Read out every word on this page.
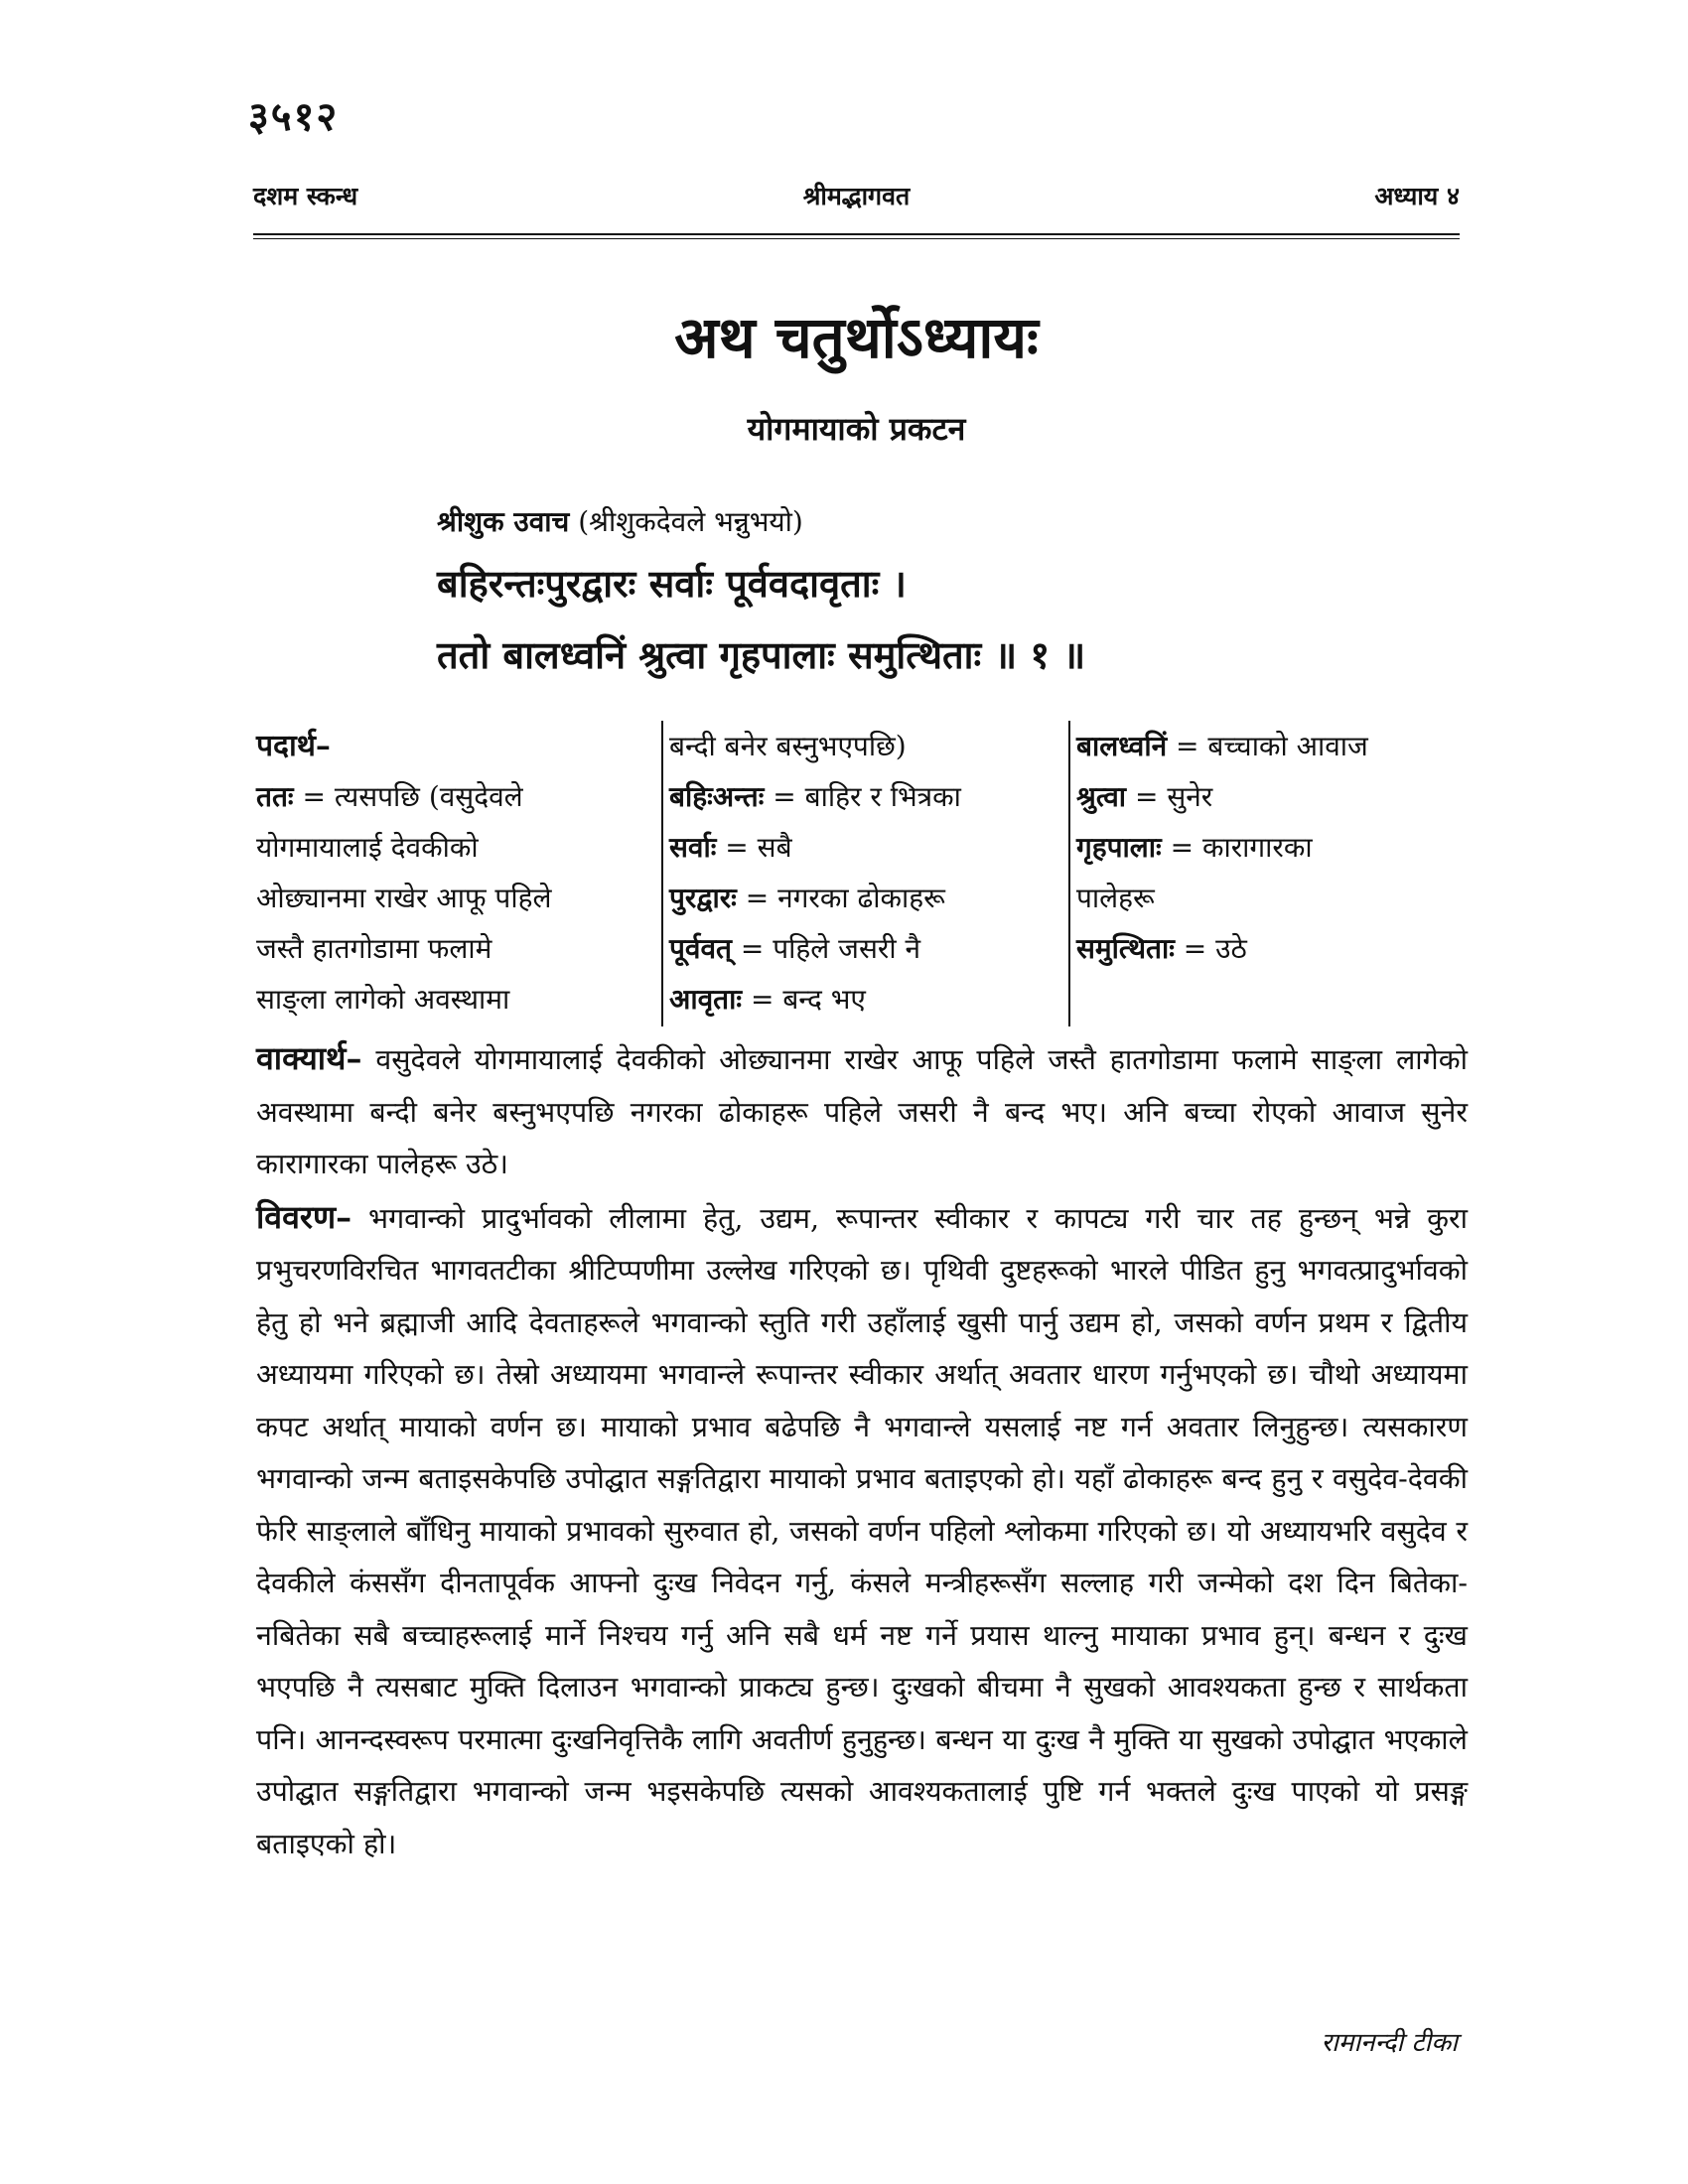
३५१२
दशम स्कन्ध	श्रीमद्भागवत	अध्याय ४
अथ चतुर्थोऽध्यायः
योगमायाको प्रकटन
श्रीशुक उवाच (श्रीशुकदेवले भन्नुभयो)
बहिरन्तःपुरद्वारः सर्वाः पूर्ववदावृताः ।
ततो बालध्वनिं श्रुत्वा गृहपालाः समुत्थिताः ॥ १ ॥
पदार्थ–
ततः = त्यसपछि (वसुदेवले
योगमायालाई देवकीको
ओछ्यानमा राखेर आफू पहिले
जस्तै हातगोडामा फलामे
साङ्ला लागेको अवस्थामा
बन्दी बनेर बस्नुभएपछि)
बहिःअन्तः = बाहिर र भित्रका
सर्वाः = सबै
पुरद्वारः = नगरका ढोकाहरू
पूर्ववत् = पहिले जसरी नै
आवृताः = बन्द भए
बालध्वनिं = बच्चाको आवाज
श्रुत्वा = सुनेर
गृहपालाः = कारागारका
पालेहरू
समुत्थिताः = उठे

वाक्यार्थ– वसुदेवले योगमायालाई देवकीको ओछ्यानमा राखेर आफू पहिले जस्तै हातगोडामा फलामे साङ्ला लागेको अवस्थामा बन्दी बनेर बस्नुभएपछि नगरका ढोकाहरू पहिले जसरी नै बन्द भए। अनि बच्चा रोएको आवाज सुनेर कारागारका पालेहरू उठे।

विवरण– भगवान्को प्रादुर्भावको लीलामा हेतु, उद्यम, रूपान्तर स्वीकार र कापट्य गरी चार तह हुन्छन् भन्ने कुरा प्रभुचरणविरचित भागवतटीका श्रीटिप्पणीमा उल्लेख गरिएको छ। पृथिवी दुष्टहरूको भारले पीडित हुनु भगवत्प्रादुर्भावको हेतु हो भने ब्रह्माजी आदि देवताहरूले भगवान्को स्तुति गरी उहाँलाई खुसी पार्नु उद्यम हो, जसको वर्णन प्रथम र द्वितीय अध्यायमा गरिएको छ। तेस्रो अध्यायमा भगवान्ले रूपान्तर स्वीकार अर्थात् अवतार धारण गर्नुभएको छ। चौथो अध्यायमा कपट अर्थात् मायाको वर्णन छ। मायाको प्रभाव बढेपछि नै भगवान्ले यसलाई नष्ट गर्न अवतार लिनुहुन्छ। त्यसकारण भगवान्को जन्म बताइसकेपछि उपोद्घात सङ्गतिद्वारा मायाको प्रभाव बताइएको हो। यहाँ ढोकाहरू बन्द हुनु र वसुदेव-देवकी फेरि साङ्लाले बाँधिनु मायाको प्रभावको सुरुवात हो, जसको वर्णन पहिलो श्लोकमा गरिएको छ। यो अध्यायभरि वसुदेव र देवकीले कंससँग दीनतापूर्वक आफ्नो दुःख निवेदन गर्नु, कंसले मन्त्रीहरूसँग सल्लाह गरी जन्मेको दश दिन बितेका-नबितेका सबै बच्चाहरूलाई मार्ने निश्चय गर्नु अनि सबै धर्म नष्ट गर्ने प्रयास थाल्नु मायाका प्रभाव हुन्। बन्धन र दुःख भएपछि नै त्यसबाट मुक्ति दिलाउन भगवान्को प्राकट्य हुन्छ। दुःखको बीचमा नै सुखको आवश्यकता हुन्छ र सार्थकता पनि। आनन्दस्वरूप परमात्मा दुःखनिवृत्तिकै लागि अवतीर्ण हुनुहुन्छ। बन्धन या दुःख नै मुक्ति या सुखको उपोद्घात भएकाले उपोद्घात सङ्गतिद्वारा भगवान्को जन्म भइसकेपछि त्यसको आवश्यकतालाई पुष्टि गर्न भक्तले दुःख पाएको यो प्रसङ्ग बताइएको हो।

रामानन्दी टीका
